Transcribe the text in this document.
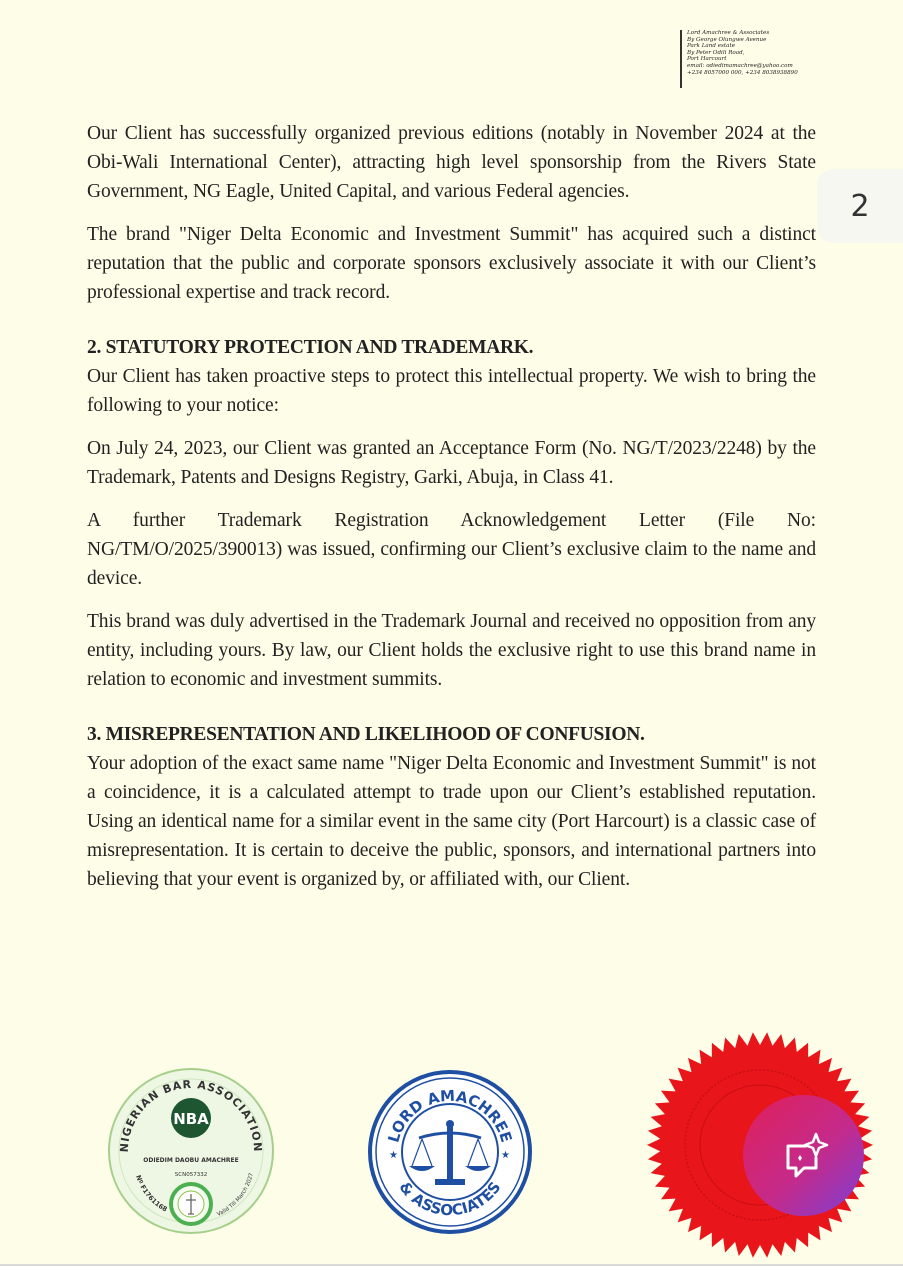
Lord Amachree & Associates
By George Olungwe Avenue
Park Land estate
By Peter Odili Road,
Port Harcourt
email: odiedimamachree@yahoo.com
+234 8057000 000, +234 8038938890

Our Client has successfully organized previous editions (notably in November 2024 at the Obi-Wali International Center), attracting high level sponsorship from the Rivers State Government, NG Eagle, United Capital, and various Federal agencies.

The brand "Niger Delta Economic and Investment Summit" has acquired such a distinct reputation that the public and corporate sponsors exclusively associate it with our Client’s professional expertise and track record.

2. STATUTORY PROTECTION AND TRADEMARK.

Our Client has taken proactive steps to protect this intellectual property. We wish to bring the following to your notice:

On July 24, 2023, our Client was granted an Acceptance Form (No. NG/T/2023/2248) by the Trademark, Patents and Designs Registry, Garki, Abuja, in Class 41.

A further Trademark Registration Acknowledgement Letter (File No: NG/TM/O/2025/390013) was issued, confirming our Client’s exclusive claim to the name and device.

This brand was duly advertised in the Trademark Journal and received no opposition from any entity, including yours. By law, our Client holds the exclusive right to use this brand name in relation to economic and investment summits.

3. MISREPRESENTATION AND LIKELIHOOD OF CONFUSION.

Your adoption of the exact same name "Niger Delta Economic and Investment Summit" is not a coincidence, it is a calculated attempt to trade upon our Client’s established reputation. Using an identical name for a similar event in the same city (Port Harcourt) is a classic case of misrepresentation. It is certain to deceive the public, sponsors, and international partners into believing that your event is organized by, or affiliated with, our Client.

NIGERIAN BAR ASSOCIATION
NBA
ODIEDIM DAOBU AMACHREE
SCN057332
Nº F1761168
Valid Till March 2027
LORD AMACHREE
& ASSOCIATES
★	★
2
